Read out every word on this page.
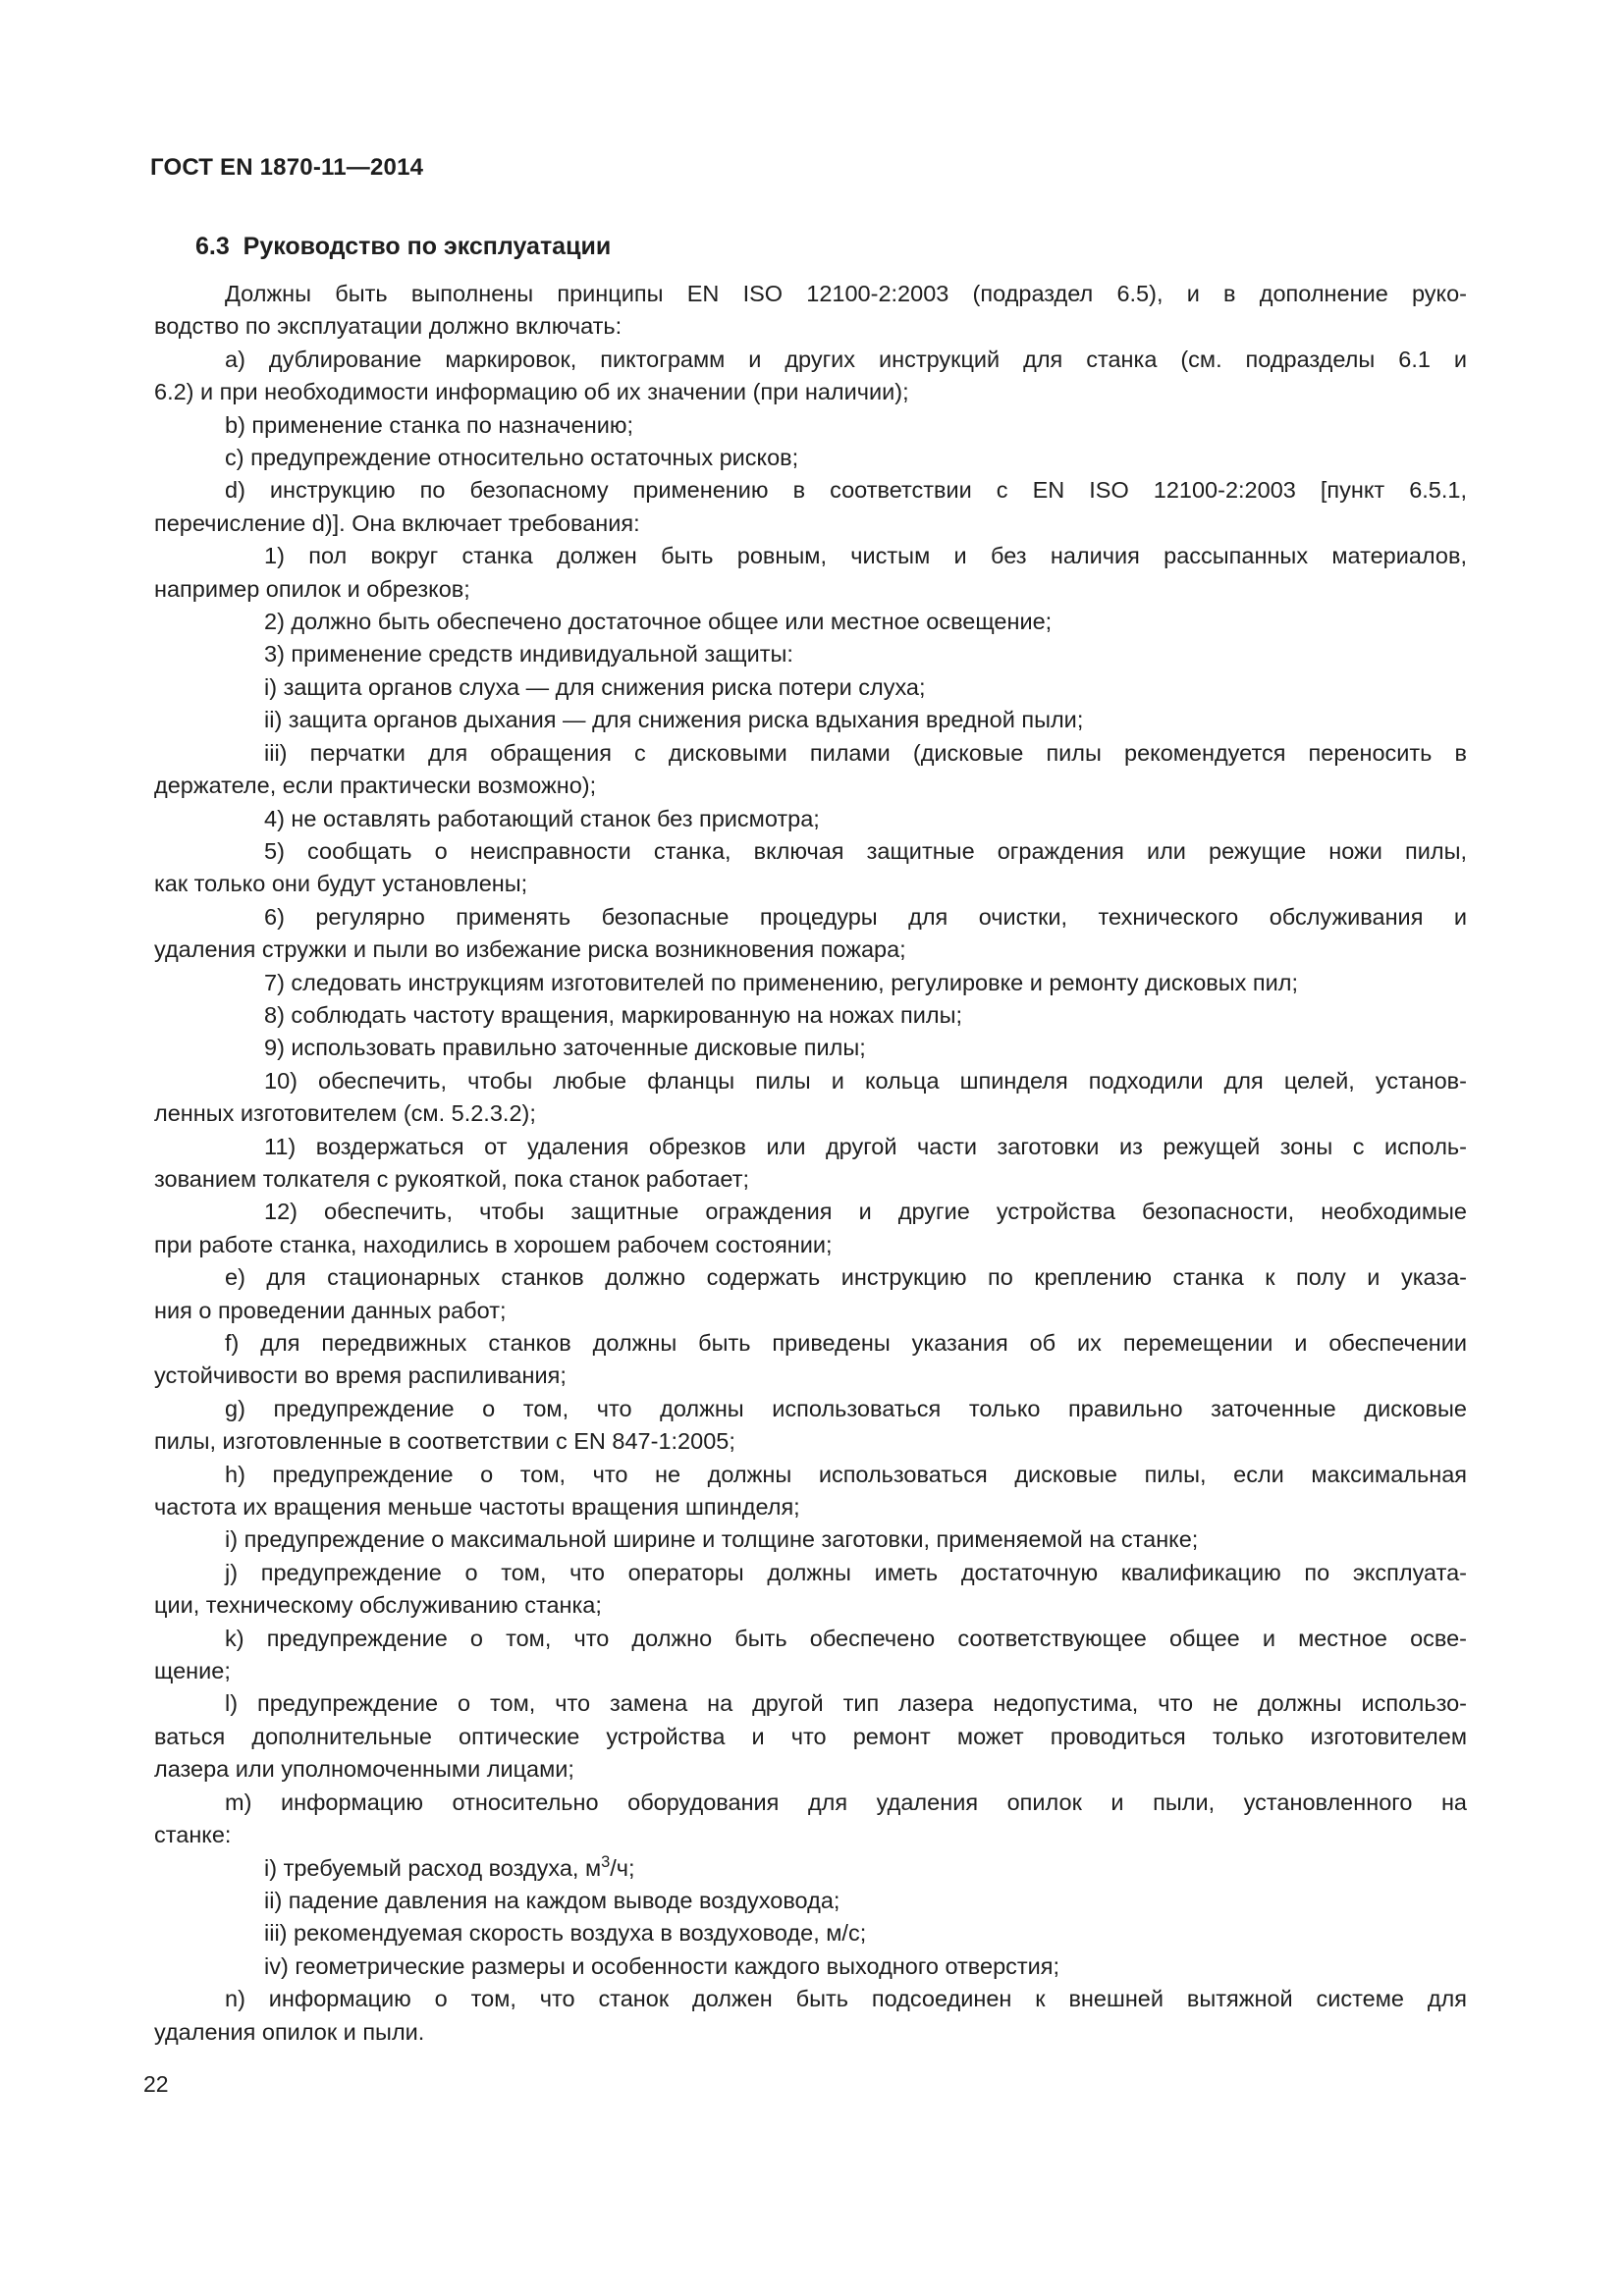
ГОСТ EN 1870-11—2014
6.3  Руководство по эксплуатации
Должны быть выполнены принципы EN ISO 12100-2:2003 (подраздел 6.5), и в дополнение руко-
водство по эксплуатации должно включать:
a) дублирование маркировок, пиктограмм и других инструкций для станка (см. подразделы 6.1 и
6.2) и при необходимости информацию об их значении (при наличии);
b) применение станка по назначению;
c) предупреждение относительно остаточных рисков;
d) инструкцию по безопасному применению в соответствии с EN ISO 12100-2:2003 [пункт 6.5.1,
перечисление d)]. Она включает требования:
1) пол вокруг станка должен быть ровным, чистым и без наличия рассыпанных материалов,
например опилок и обрезков;
2) должно быть обеспечено достаточное общее или местное освещение;
3) применение средств индивидуальной защиты:
i) защита органов слуха — для снижения риска потери слуха;
ii) защита органов дыхания — для снижения риска вдыхания вредной пыли;
iii) перчатки для обращения с дисковыми пилами (дисковые пилы рекомендуется переносить в
держателе, если практически возможно);
4) не оставлять работающий станок без присмотра;
5) сообщать о неисправности станка, включая защитные ограждения или режущие ножи пилы,
как только они будут установлены;
6) регулярно применять безопасные процедуры для очистки, технического обслуживания и
удаления стружки и пыли во избежание риска возникновения пожара;
7) следовать инструкциям изготовителей по применению, регулировке и ремонту дисковых пил;
8) соблюдать частоту вращения, маркированную на ножах пилы;
9) использовать правильно заточенные дисковые пилы;
10) обеспечить, чтобы любые фланцы пилы и кольца шпинделя подходили для целей, установ-
ленных изготовителем (см. 5.2.3.2);
11) воздержаться от удаления обрезков или другой части заготовки из режущей зоны с исполь-
зованием толкателя с рукояткой, пока станок работает;
12) обеспечить, чтобы защитные ограждения и другие устройства безопасности, необходимые
при работе станка, находились в хорошем рабочем состоянии;
e) для стационарных станков должно содержать инструкцию по креплению станка к полу и указа-
ния о проведении данных работ;
f) для передвижных станков должны быть приведены указания об их перемещении и обеспечении
устойчивости во время распиливания;
g) предупреждение о том, что должны использоваться только правильно заточенные дисковые
пилы, изготовленные в соответствии с EN 847-1:2005;
h) предупреждение о том, что не должны использоваться дисковые пилы, если максимальная
частота их вращения меньше частоты вращения шпинделя;
i) предупреждение о максимальной ширине и толщине заготовки, применяемой на станке;
j) предупреждение о том, что операторы должны иметь достаточную квалификацию по эксплуата-
ции, техническому обслуживанию станка;
k) предупреждение о том, что должно быть обеспечено соответствующее общее и местное осве-
щение;
l) предупреждение о том, что замена на другой тип лазера недопустима, что не должны использо-
ваться дополнительные оптические устройства и что ремонт может проводиться только изготовителем
лазера или уполномоченными лицами;
m) информацию относительно оборудования для удаления опилок и пыли, установленного на
станке:
i) требуемый расход воздуха, $м^3/ч$;
ii) падение давления на каждом выводе воздуховода;
iii) рекомендуемая скорость воздуха в воздуховоде, м/с;
iv) геометрические размеры и особенности каждого выходного отверстия;
n) информацию о том, что станок должен быть подсоединен к внешней вытяжной системе для
удаления опилок и пыли.
22
